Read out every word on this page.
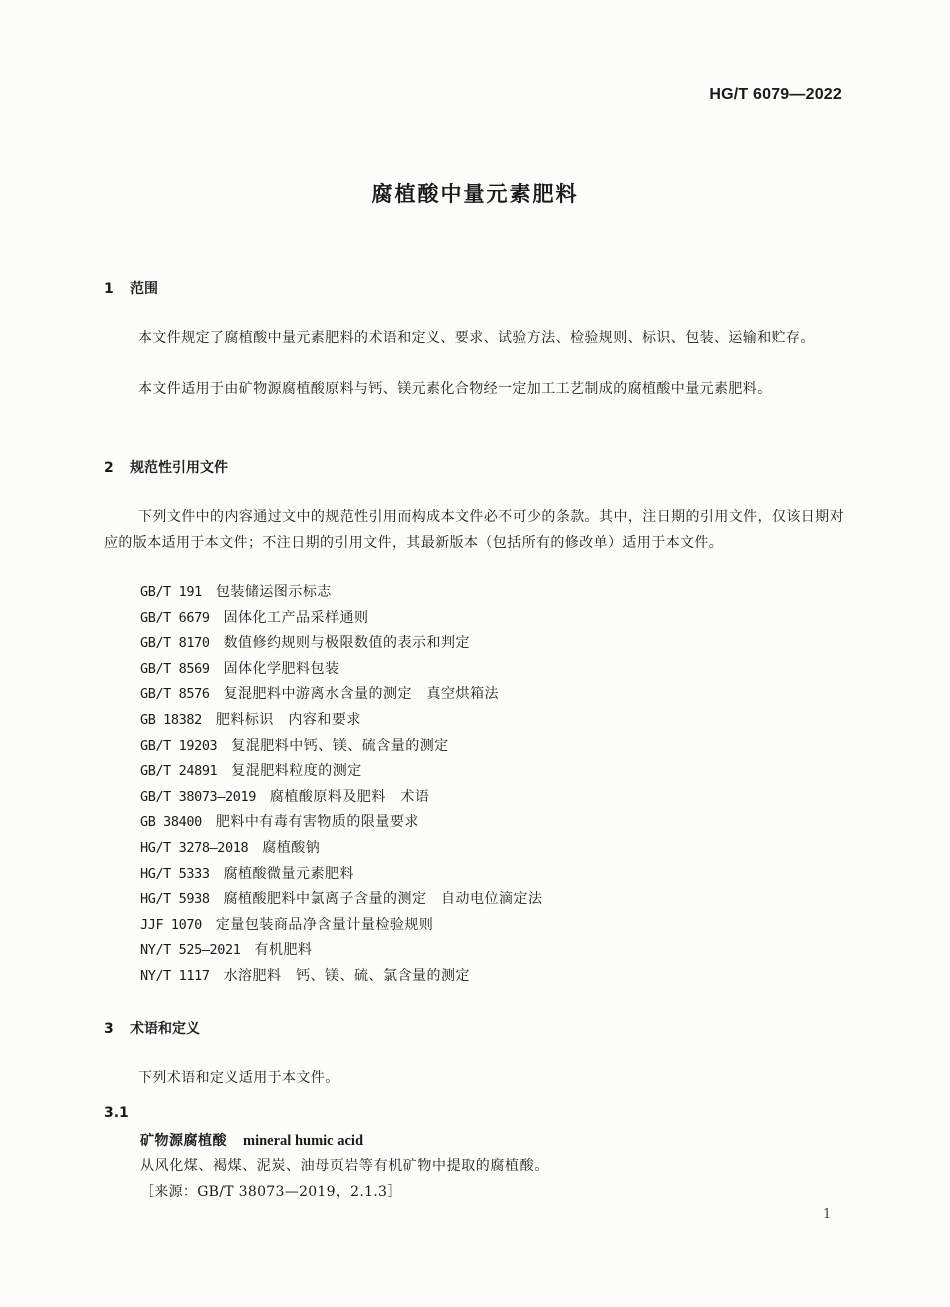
HG/T 6079—2022
腐植酸中量元素肥料
1 范围
本文件规定了腐植酸中量元素肥料的术语和定义、要求、试验方法、检验规则、标识、包装、运输和贮存。
本文件适用于由矿物源腐植酸原料与钙、镁元素化合物经一定加工工艺制成的腐植酸中量元素肥料。
2 规范性引用文件
下列文件中的内容通过文中的规范性引用而构成本文件必不可少的条款。其中，注日期的引用文件，仅该日期对应的版本适用于本文件；不注日期的引用文件，其最新版本（包括所有的修改单）适用于本文件。
GB/T 191 包装储运图示标志
GB/T 6679 固体化工产品采样通则
GB/T 8170 数值修约规则与极限数值的表示和判定
GB/T 8569 固体化学肥料包装
GB/T 8576 复混肥料中游离水含量的测定　真空烘箱法
GB 18382 肥料标识　内容和要求
GB/T 19203 复混肥料中钙、镁、硫含量的测定
GB/T 24891 复混肥料粒度的测定
GB/T 38073—2019 腐植酸原料及肥料　术语
GB 38400 肥料中有毒有害物质的限量要求
HG/T 3278—2018 腐植酸钠
HG/T 5333 腐植酸微量元素肥料
HG/T 5938 腐植酸肥料中氯离子含量的测定　自动电位滴定法
JJF 1070 定量包装商品净含量计量检验规则
NY/T 525—2021 有机肥料
NY/T 1117 水溶肥料　钙、镁、硫、氯含量的测定
3 术语和定义
下列术语和定义适用于本文件。
3.1
矿物源腐植酸 mineral humic acid
从风化煤、褐煤、泥炭、油母页岩等有机矿物中提取的腐植酸。
［来源：GB/T 38073—2019，2.1.3］
1
